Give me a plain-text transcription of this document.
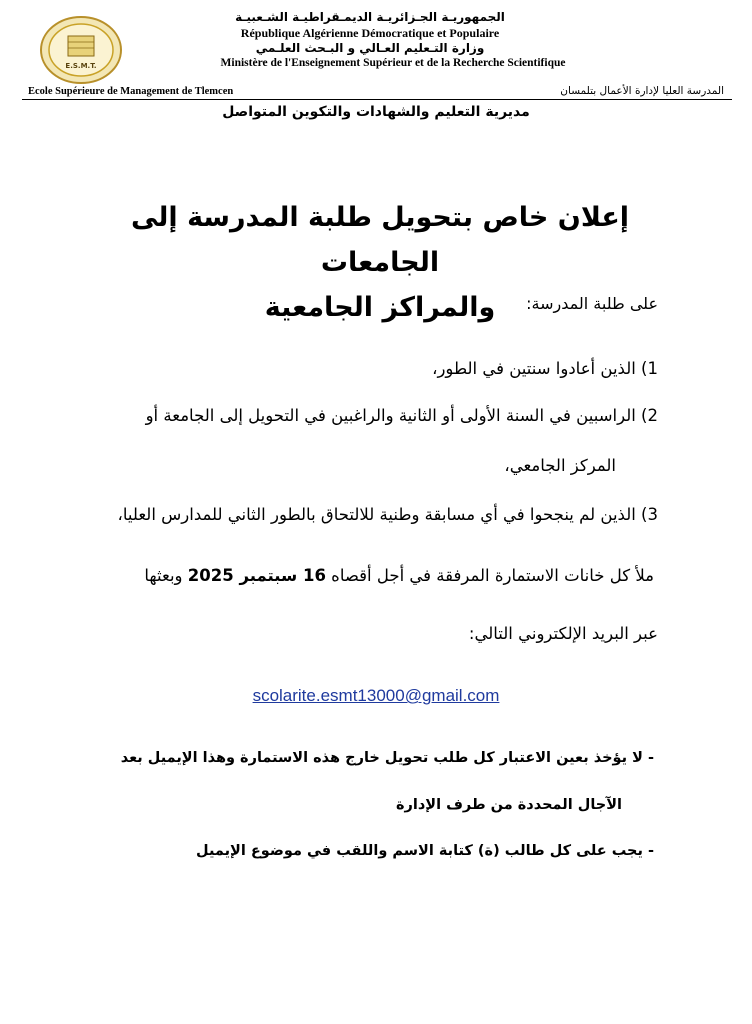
E.S.M.T.
الجمهوريـة الجـزائريـة الديمـقراطيـة الشـعبيـة
République Algérienne Démocratique et Populaire
وزارة التـعليم العـالي و البـحث العلـمي
Ministère de l'Enseignement Supérieur et de la Recherche Scientifique
Ecole Supérieure de Management de Tlemcen	المدرسة العليا لإدارة الأعمال بتلمسان
مديرية التعليم والشهادات والتكوين المتواصل
إعلان خاص بتحويل طلبة المدرسة إلى الجامعات
والمراكز الجامعية	على طلبة المدرسة:
1) الذين أعادوا سنتين في الطور،
2) الراسبين في السنة الأولى أو الثانية والراغبين في التحويل إلى الجامعة أو
المركز الجامعي،
3) الذين لم ينجحوا في أي مسابقة وطنية للالتحاق بالطور الثاني للمدارس العليا،
ملأ كل خانات الاستمارة المرفقة في أجل أقصاه 16 سبتمبر 2025 وبعثها
عبر البريد الإلكتروني التالي:
scolarite.esmt13000@gmail.com
- لا يؤخذ بعين الاعتبار كل طلب تحويل خارج هذه الاستمارة وهذا الإيميل بعد
الآجال المحددة من طرف الإدارة
- يجب على كل طالب (ة) كتابة الاسم واللقب في موضوع الإيميل
